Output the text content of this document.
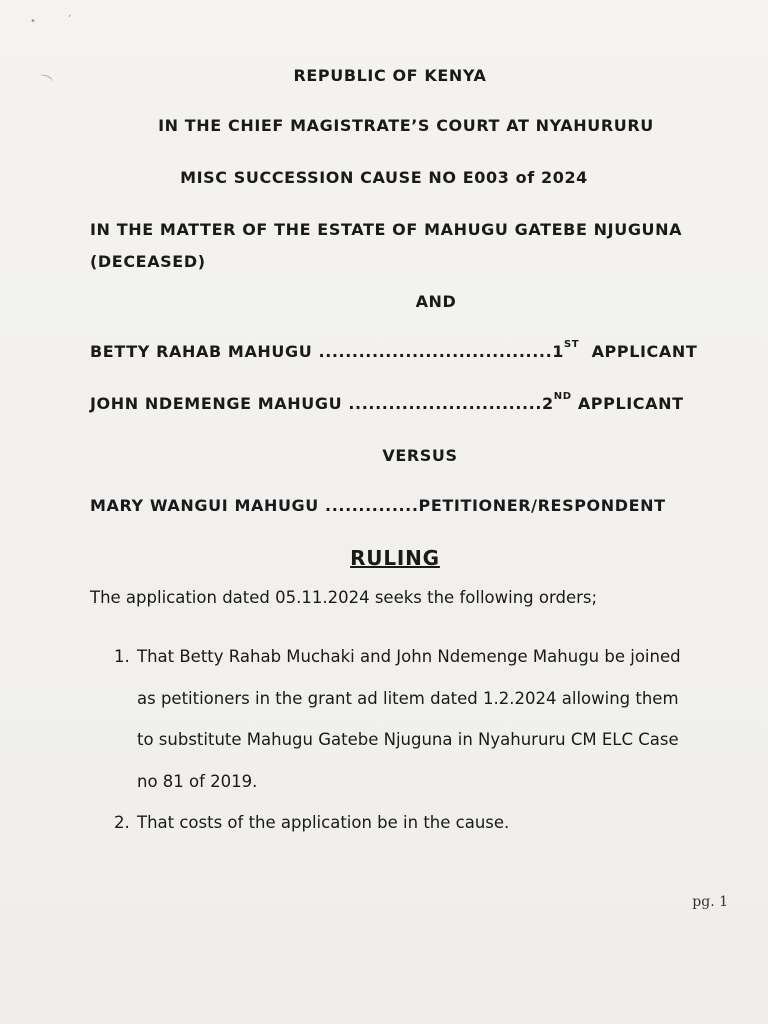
•	ʼ
⌒	REPUBLIC OF KENYA
IN THE CHIEF MAGISTRATE’S COURT AT NYAHURURU
MISC SUCCESSION CAUSE NO E003 of 2024
IN THE MATTER OF THE ESTATE OF MAHUGU GATEBE NJUGUNA (DECEASED)
AND
BETTY RAHAB MAHUGU ...................................1ST APPLICANT
JOHN NDEMENGE MAHUGU .............................2ND APPLICANT
VERSUS
MARY WANGUI MAHUGU ..............PETITIONER/RESPONDENT
RULING
The application dated 05.11.2024 seeks the following orders;
1. That Betty Rahab Muchaki and John Ndemenge Mahugu be joined
as petitioners in the grant ad litem dated 1.2.2024 allowing them
to substitute Mahugu Gatebe Njuguna in Nyahururu CM ELC Case
no 81 of 2019.
2. That costs of the application be in the cause.
pg. 1
